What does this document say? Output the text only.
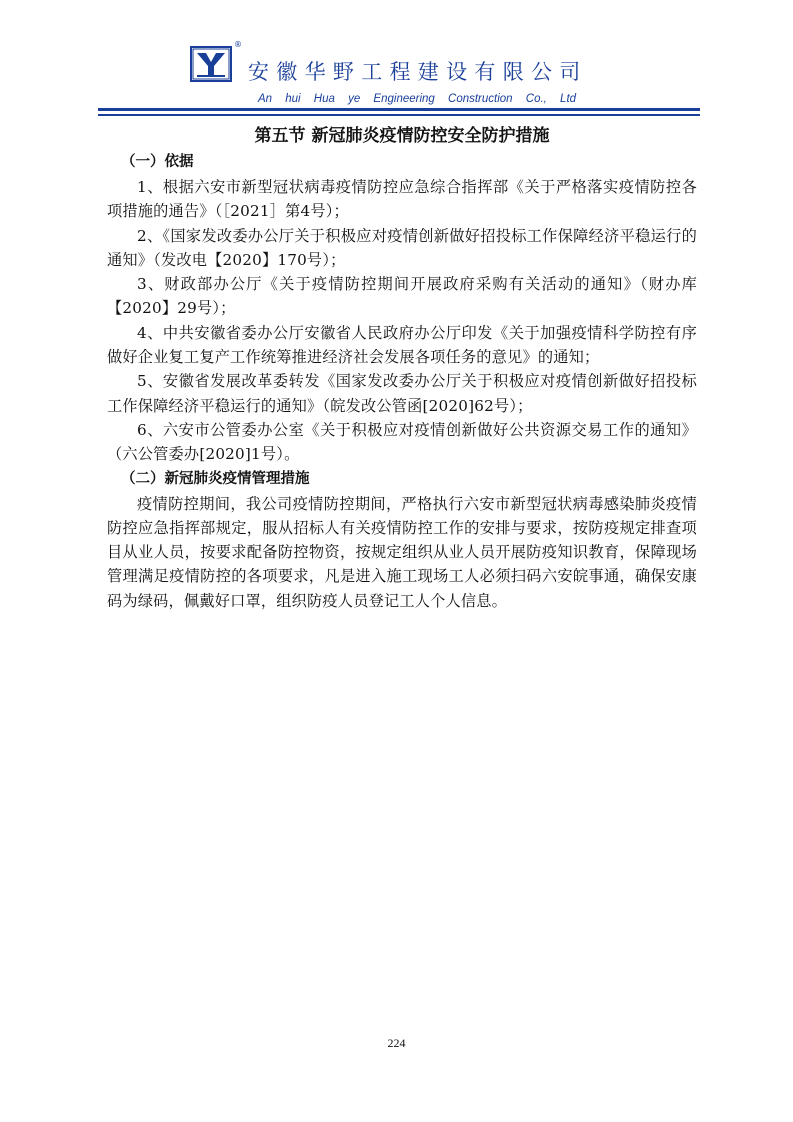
®
安徽华野工程建设有限公司
An hui Hua ye Engineering Construction Co., Ltd
第五节 新冠肺炎疫情防控安全防护措施

（一）依据

1、根据六安市新型冠状病毒疫情防控应急综合指挥部《关于严格落实疫情防控各项措施的通告》（［2021］第4号）；

2、《国家发改委办公厅关于积极应对疫情创新做好招投标工作保障经济平稳运行的通知》（发改电【2020】170号）；

3、财政部办公厅《关于疫情防控期间开展政府采购有关活动的通知》（财办库【2020】29号）；

4、中共安徽省委办公厅安徽省人民政府办公厅印发《关于加强疫情科学防控有序做好企业复工复产工作统筹推进经济社会发展各项任务的意见》的通知；

5、安徽省发展改革委转发《国家发改委办公厅关于积极应对疫情创新做好招投标工作保障经济平稳运行的通知》（皖发改公管函[2020]62号）；

6、六安市公管委办公室《关于积极应对疫情创新做好公共资源交易工作的通知》（六公管委办[2020]1号）。

（二）新冠肺炎疫情管理措施

疫情防控期间，我公司疫情防控期间，严格执行六安市新型冠状病毒感染肺炎疫情防控应急指挥部规定，服从招标人有关疫情防控工作的安排与要求，按防疫规定排查项目从业人员，按要求配备防控物资，按规定组织从业人员开展防疫知识教育，保障现场管理满足疫情防控的各项要求，凡是进入施工现场工人必须扫码六安皖事通，确保安康码为绿码，佩戴好口罩，组织防疫人员登记工人个人信息。

224
